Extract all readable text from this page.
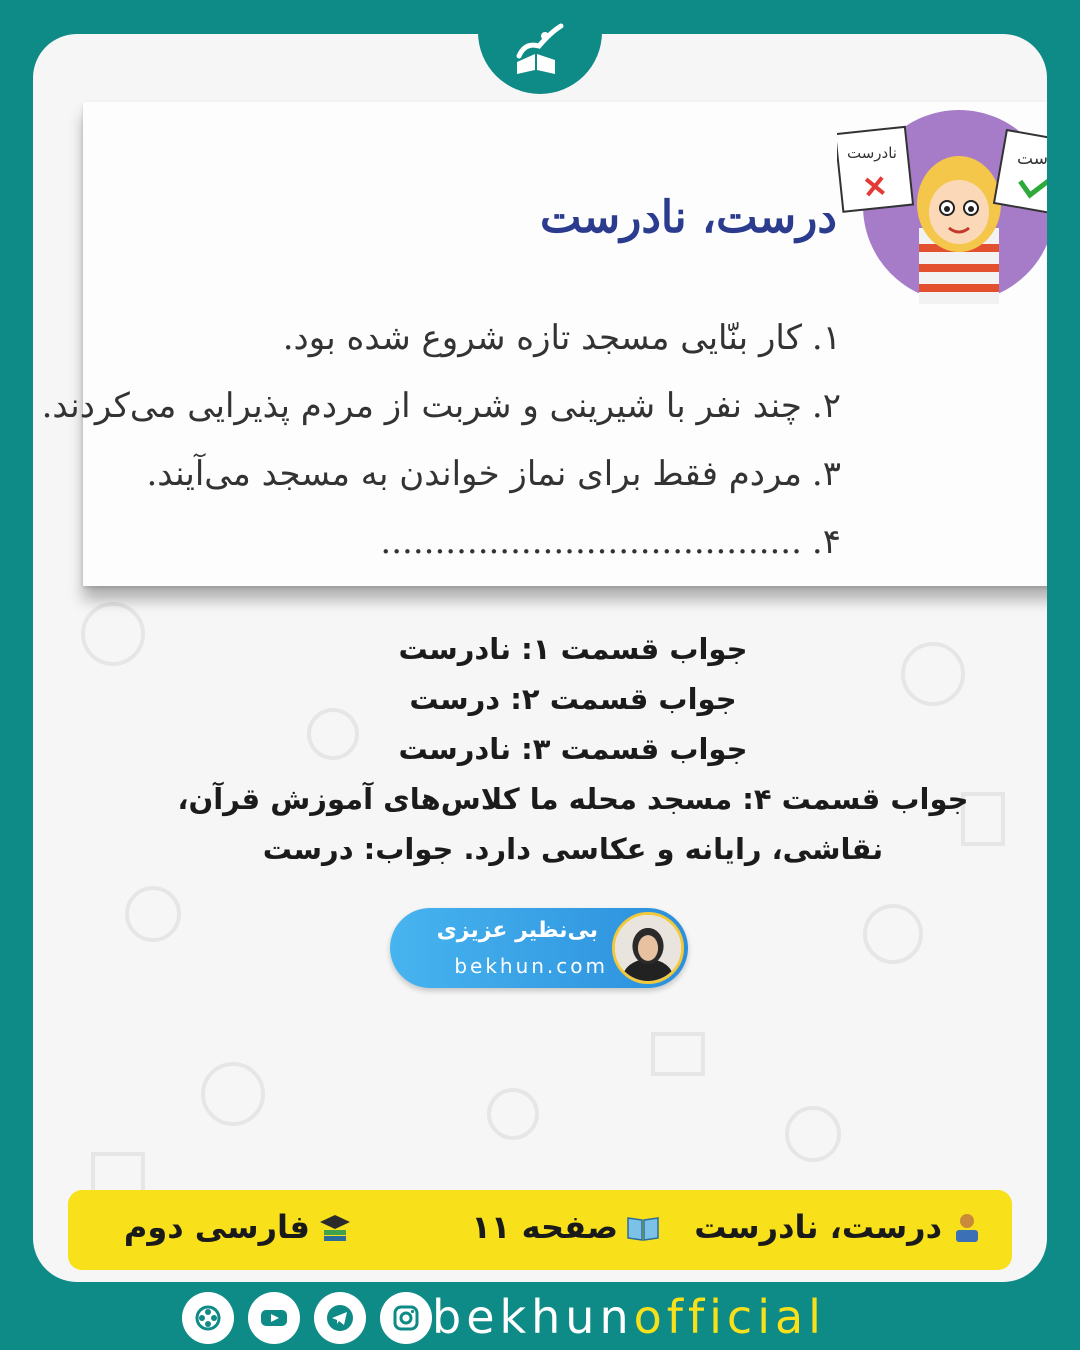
درست، نادرست
نادرست	درست
۱.کار بنّایی مسجد تازه شروع شده بود.
۲.چند نفر با شیرینی و شربت از مردم پذیرایی می‌کردند.
۳.مردم فقط برای نماز خواندن به مسجد می‌آیند.
۴........................................
جواب قسمت ۱: نادرست
جواب قسمت ۲: درست
جواب قسمت ۳: نادرست
جواب قسمت ۴: مسجد محله ما کلاس‌های آموزش قرآن،
نقاشی، رایانه و عکاسی دارد. جواب: درست
بی‌نظیر عزیزی
bekhun.com
درست، نادرست
صفحه ۱۱
فارسی دوم
bekhunofficial
